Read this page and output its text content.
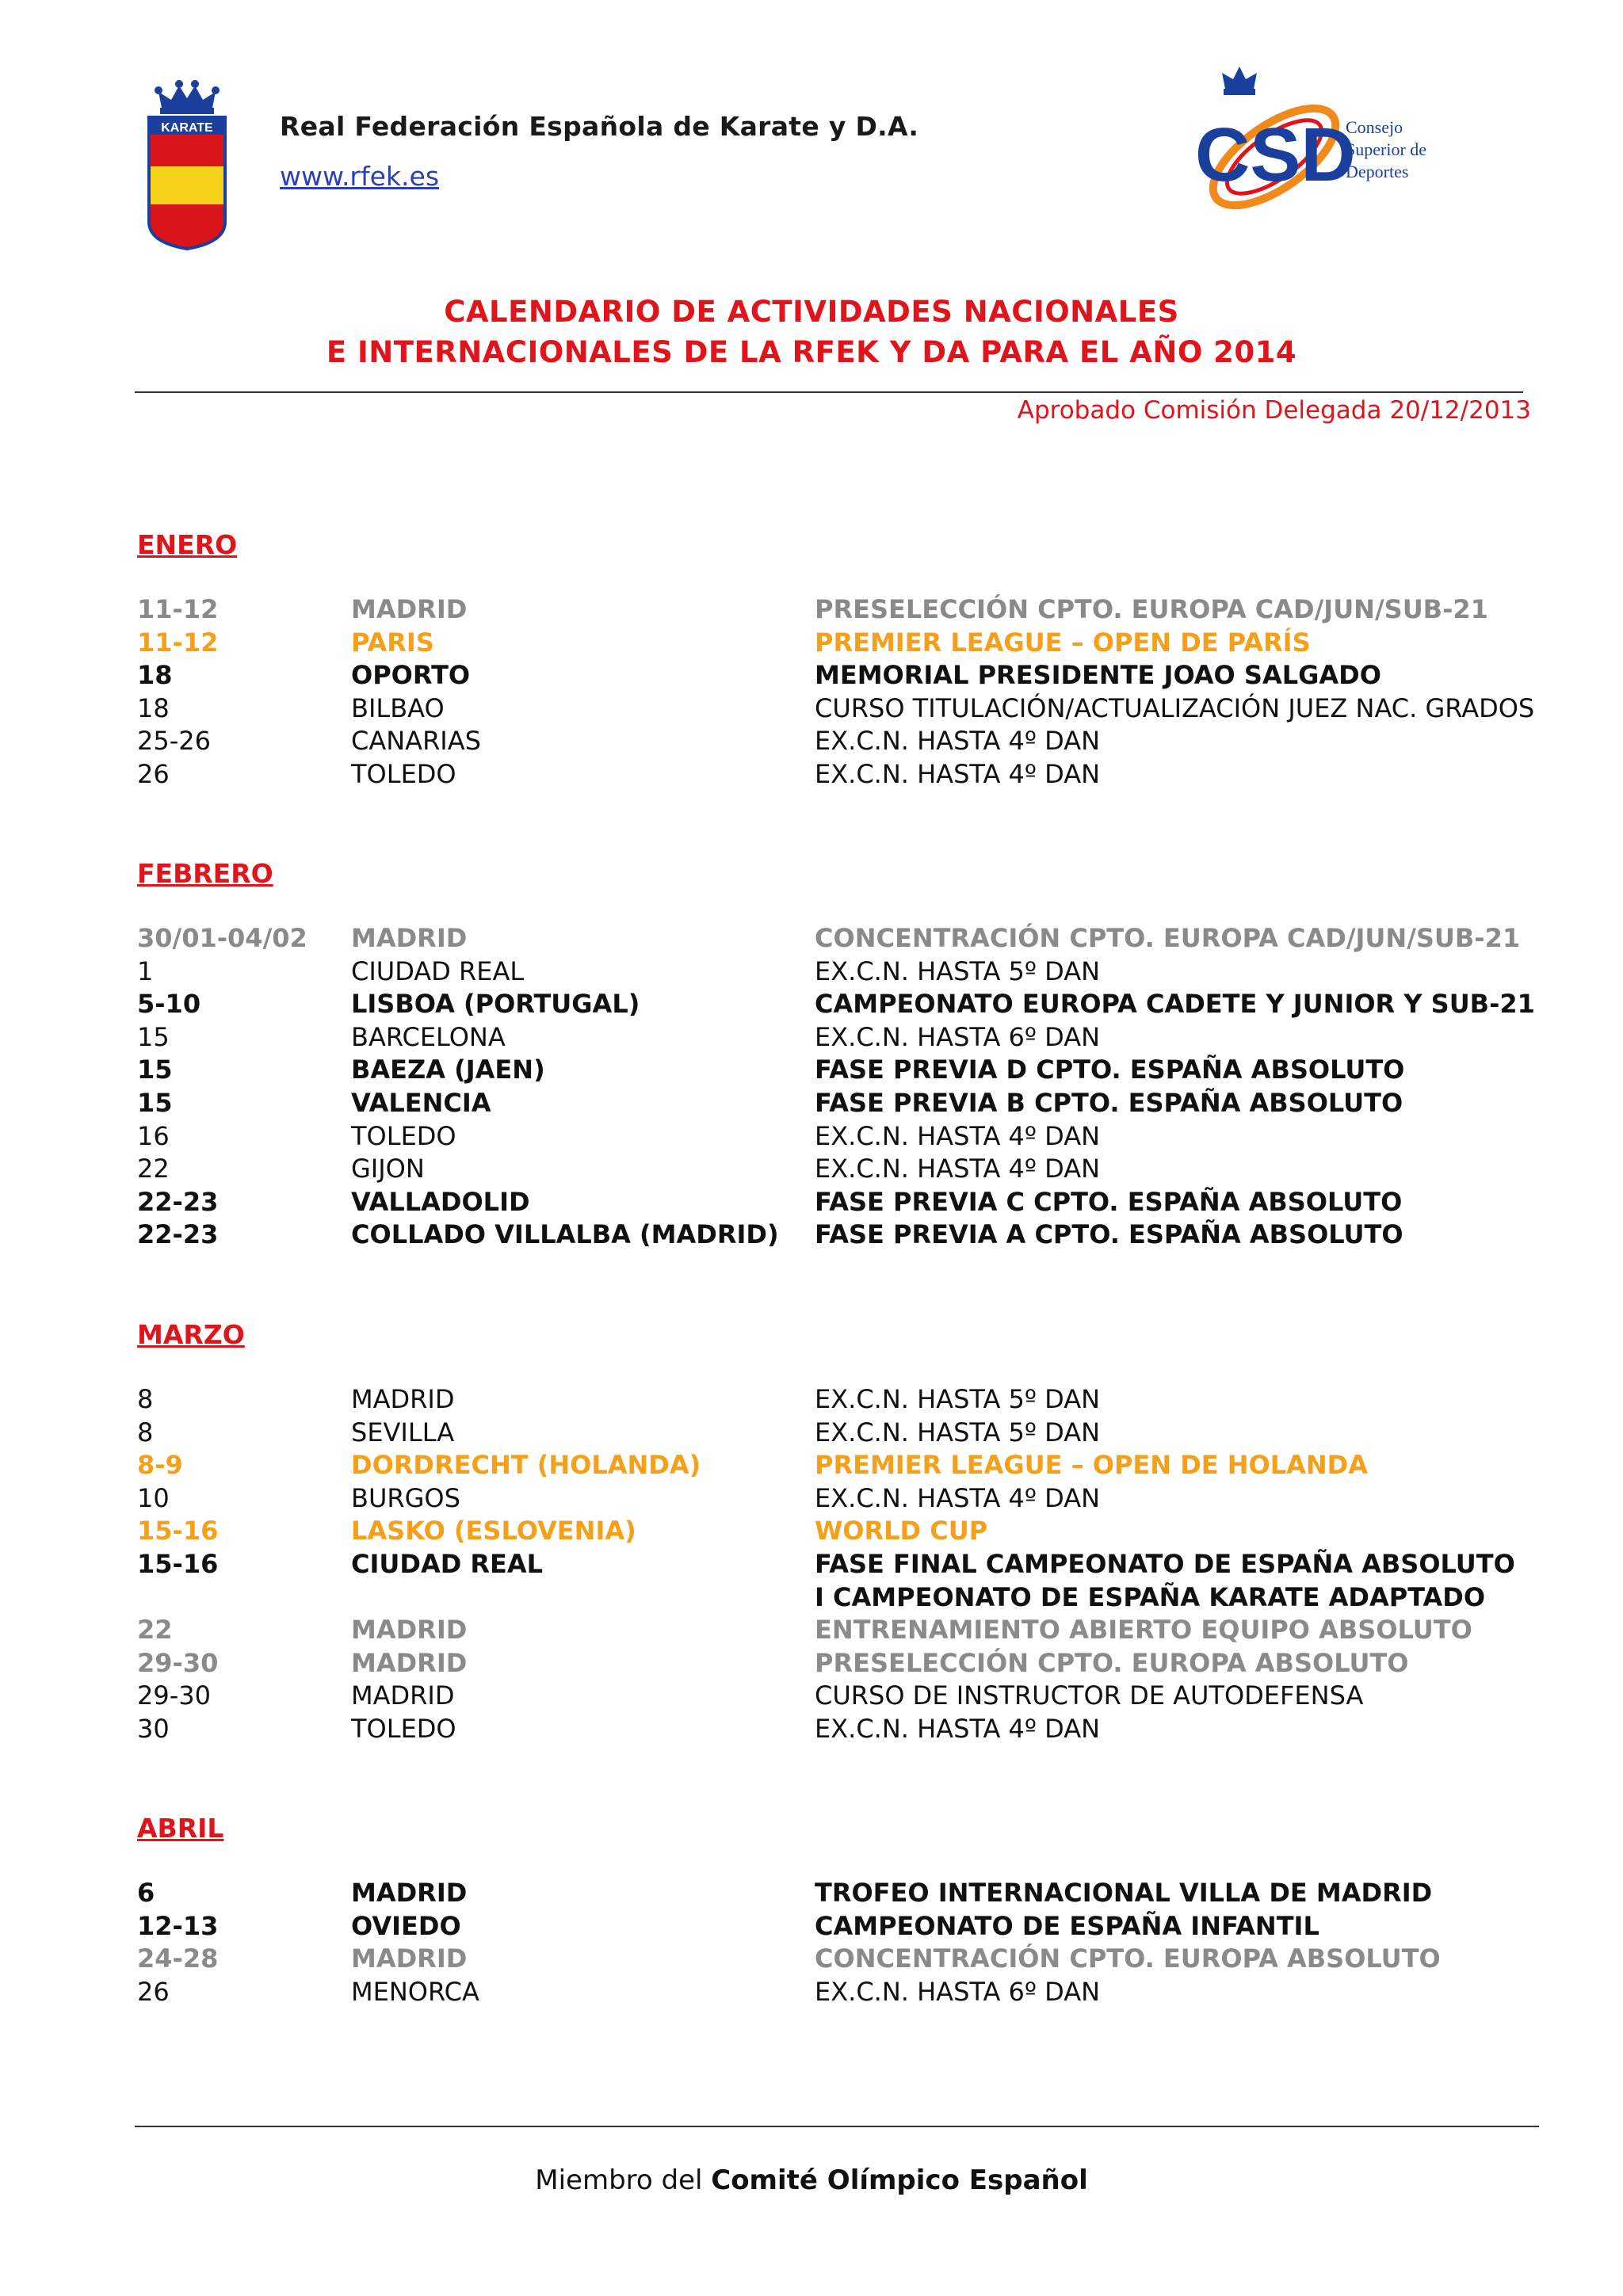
KARATE	Real Federación Española de Karate y D.A.
www.rfek.es	CSD
Consejo
Superior de
Deportes
CALENDARIO DE ACTIVIDADES NACIONALES
E INTERNACIONALES DE LA RFEK Y DA PARA EL AÑO 2014
Aprobado Comisión Delegada 20/12/2013
ENERO
11-12	MADRID	PRESELECCIÓN CPTO. EUROPA CAD/JUN/SUB-21
11-12	PARIS	PREMIER LEAGUE – OPEN DE PARÍS
18	OPORTO	MEMORIAL PRESIDENTE JOAO SALGADO
18	BILBAO	CURSO TITULACIÓN/ACTUALIZACIÓN JUEZ NAC. GRADOS
25-26	CANARIAS	EX.C.N. HASTA 4º DAN
26	TOLEDO	EX.C.N. HASTA 4º DAN
FEBRERO
30/01-04/02 MADRID	CONCENTRACIÓN CPTO. EUROPA CAD/JUN/SUB-21
1	CIUDAD REAL	EX.C.N. HASTA 5º DAN
5-10	LISBOA (PORTUGAL)	CAMPEONATO EUROPA CADETE Y JUNIOR Y SUB-21
15	BARCELONA	EX.C.N. HASTA 6º DAN
15	BAEZA (JAEN)	FASE PREVIA D CPTO. ESPAÑA ABSOLUTO
15	VALENCIA	FASE PREVIA B CPTO. ESPAÑA ABSOLUTO
16	TOLEDO	EX.C.N. HASTA 4º DAN
22	GIJON	EX.C.N. HASTA 4º DAN
22-23	VALLADOLID	FASE PREVIA C CPTO. ESPAÑA ABSOLUTO
22-23	COLLADO VILLALBA (MADRID) FASE PREVIA A CPTO. ESPAÑA ABSOLUTO
MARZO
8	MADRID	EX.C.N. HASTA 5º DAN
8	SEVILLA	EX.C.N. HASTA 5º DAN
8-9	DORDRECHT (HOLANDA)	PREMIER LEAGUE – OPEN DE HOLANDA
10	BURGOS	EX.C.N. HASTA 4º DAN
15-16	LASKO (ESLOVENIA)	WORLD CUP
15-16	CIUDAD REAL	FASE FINAL CAMPEONATO DE ESPAÑA ABSOLUTO
I CAMPEONATO DE ESPAÑA KARATE ADAPTADO
22	MADRID	ENTRENAMIENTO ABIERTO EQUIPO ABSOLUTO
29-30	MADRID	PRESELECCIÓN CPTO. EUROPA ABSOLUTO
29-30	MADRID	CURSO DE INSTRUCTOR DE AUTODEFENSA
30	TOLEDO	EX.C.N. HASTA 4º DAN
ABRIL
6	MADRID	TROFEO INTERNACIONAL VILLA DE MADRID
12-13	OVIEDO	CAMPEONATO DE ESPAÑA INFANTIL
24-28	MADRID	CONCENTRACIÓN CPTO. EUROPA ABSOLUTO
26	MENORCA	EX.C.N. HASTA 6º DAN
Miembro del Comité Olímpico Español
